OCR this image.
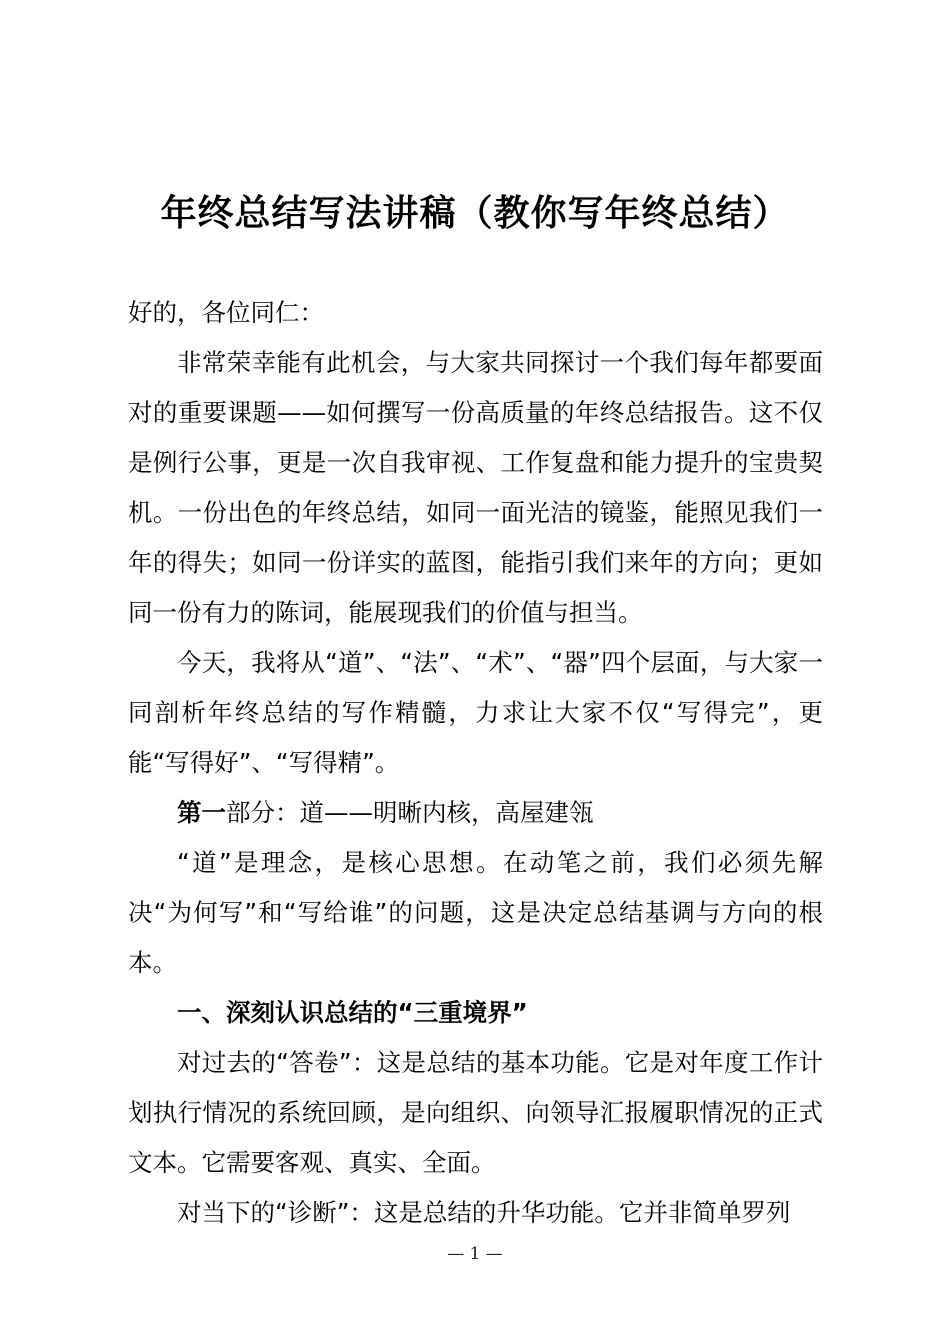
年终总结写法讲稿（教你写年终总结）

好的，各位同仁：

非常荣幸能有此机会，与大家共同探讨一个我们每年都要面对的重要课题——如何撰写一份高质量的年终总结报告。这不仅是例行公事，更是一次自我审视、工作复盘和能力提升的宝贵契机。一份出色的年终总结，如同一面光洁的镜鉴，能照见我们一年的得失；如同一份详实的蓝图，能指引我们来年的方向；更如同一份有力的陈词，能展现我们的价值与担当。

今天，我将从“道”、“法”、“术”、“器”四个层面，与大家一同剖析年终总结的写作精髓，力求让大家不仅“写得完”，更能“写得好”、“写得精”。

第一部分：道——明晰内核，高屋建瓴

“道”是理念，是核心思想。在动笔之前，我们必须先解决“为何写”和“写给谁”的问题，这是决定总结基调与方向的根本。

一、深刻认识总结的“三重境界”

对过去的“答卷”：这是总结的基本功能。它是对年度工作计划执行情况的系统回顾，是向组织、向领导汇报履职情况的正式文本。它需要客观、真实、全面。

对当下的“诊断”：这是总结的升华功能。它并非简单罗列

— 1 —
